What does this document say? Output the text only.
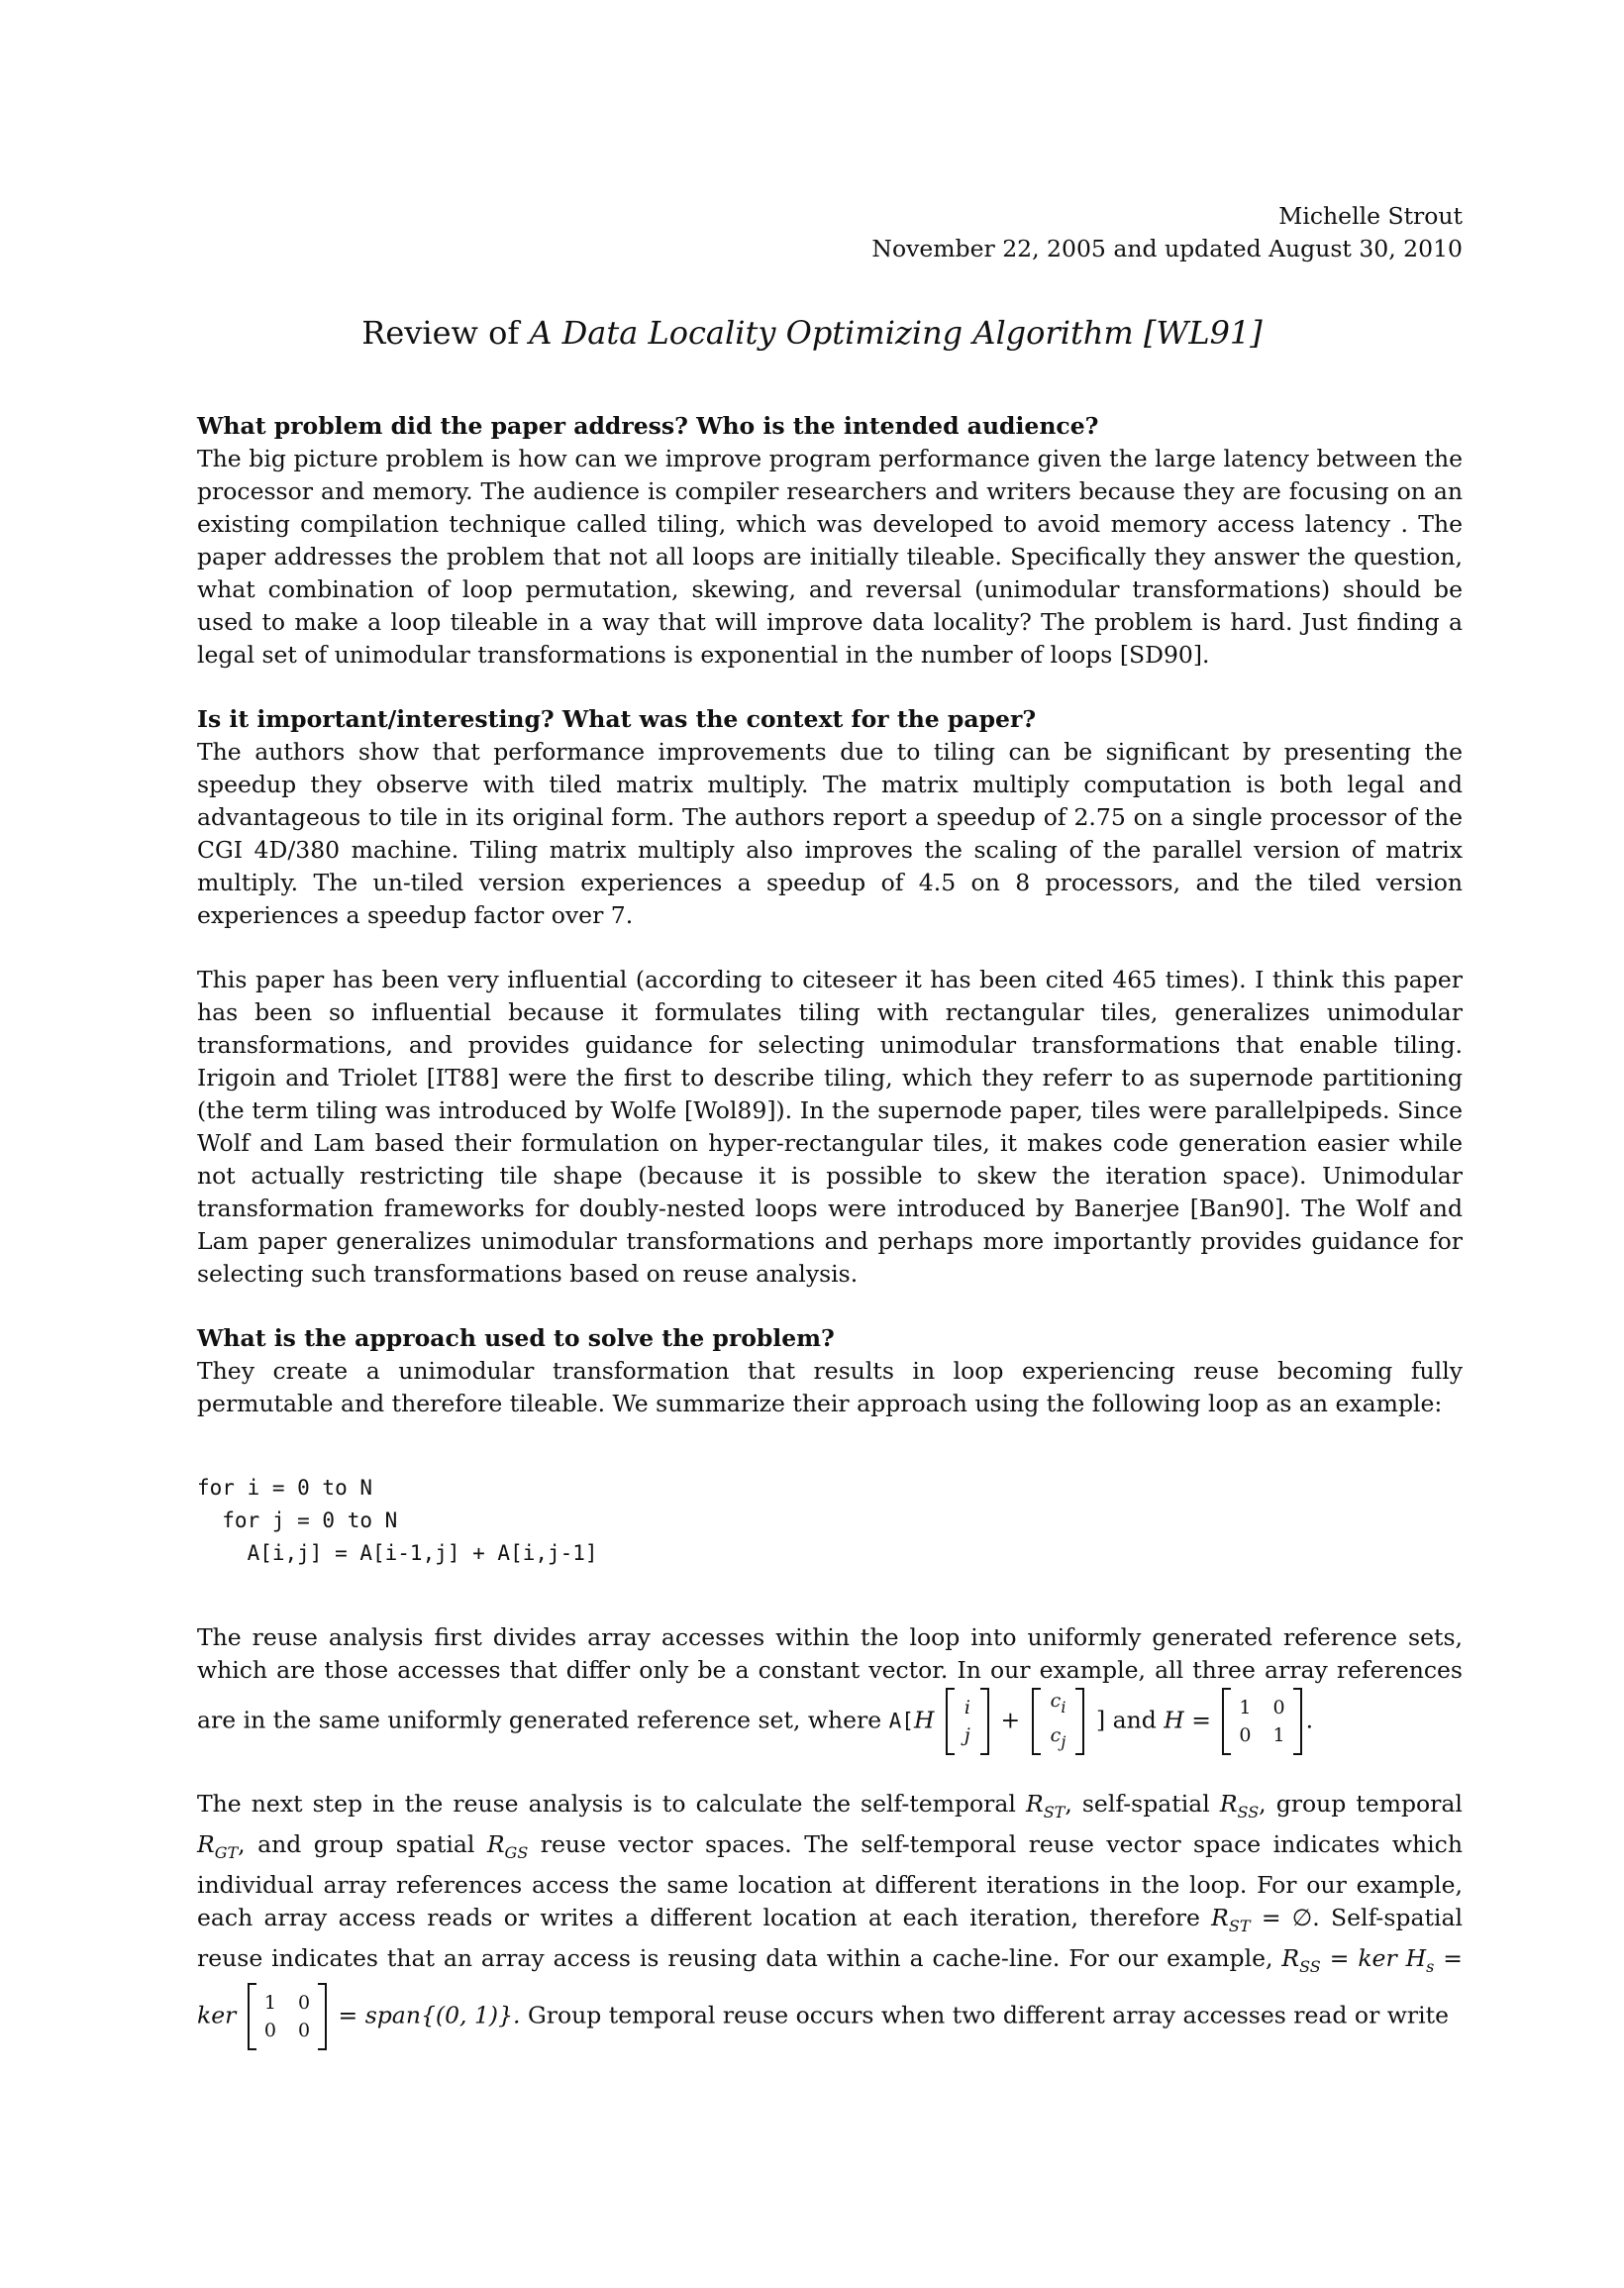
Michelle Strout
November 22, 2005 and updated August 30, 2010
Review of A Data Locality Optimizing Algorithm [WL91]

What problem did the paper address? Who is the intended audience?

The big picture problem is how can we improve program performance given the large latency between the processor and memory. The audience is compiler researchers and writers because they are focusing on an existing compilation technique called tiling, which was developed to avoid memory access latency . The paper addresses the problem that not all loops are initially tileable. Specifically they answer the question, what combination of loop permutation, skewing, and reversal (unimodular transformations) should be used to make a loop tileable in a way that will improve data locality? The problem is hard. Just finding a legal set of unimodular transformations is exponential in the number of loops [SD90].

Is it important/interesting? What was the context for the paper?

The authors show that performance improvements due to tiling can be significant by presenting the speedup they observe with tiled matrix multiply. The matrix multiply computation is both legal and advantageous to tile in its original form. The authors report a speedup of 2.75 on a single processor of the CGI 4D/380 machine. Tiling matrix multiply also improves the scaling of the parallel version of matrix multiply. The un-tiled version experiences a speedup of 4.5 on 8 processors, and the tiled version experiences a speedup factor over 7.

This paper has been very influential (according to citeseer it has been cited 465 times). I think this paper has been so influential because it formulates tiling with rectangular tiles, generalizes unimodular transformations, and provides guidance for selecting unimodular transformations that enable tiling. Irigoin and Triolet [IT88] were the first to describe tiling, which they referr to as supernode partitioning (the term tiling was introduced by Wolfe [Wol89]). In the supernode paper, tiles were parallelpipeds. Since Wolf and Lam based their formulation on hyper-rectangular tiles, it makes code generation easier while not actually restricting tile shape (because it is possible to skew the iteration space). Unimodular transformation frameworks for doubly-nested loops were introduced by Banerjee [Ban90]. The Wolf and Lam paper generalizes unimodular transformations and perhaps more importantly provides guidance for selecting such transformations based on reuse analysis.

What is the approach used to solve the problem?

They create a unimodular transformation that results in loop experiencing reuse becoming fully permutable and therefore tileable. We summarize their approach using the following loop as an example:

for i = 0 to N
for j = 0 to N
A[i,j] = A[i-1,j] + A[i,j-1]

The reuse analysis first divides array accesses within the loop into uniformly generated reference sets, which are those accesses that differ only be a constant vector. In our example, all three array references are in the same uniformly generated reference set, where A[H i
j
+
$c_i$
$c_j$
] and H = 1 0
0 1
.

The next step in the reuse analysis is to calculate the self-temporal $R_{ST}$, self-spatial $R_{SS}$, group temporal $R_{GT}$, and group spatial $R_{GS}$ reuse vector spaces. The self-temporal reuse vector space indicates which individual array references access the same location at different iterations in the loop. For our example, each array access reads or writes a different location at each iteration, therefore $R_{ST}$ = ∅. Self-spatial reuse indicates that an array access is reusing data within a cache-line. For our example, $R_{SS}$ = ker $H_s$ = ker 1 0
0 0
= span{(0, 1)}. Group temporal reuse occurs when two different array accesses read or write
